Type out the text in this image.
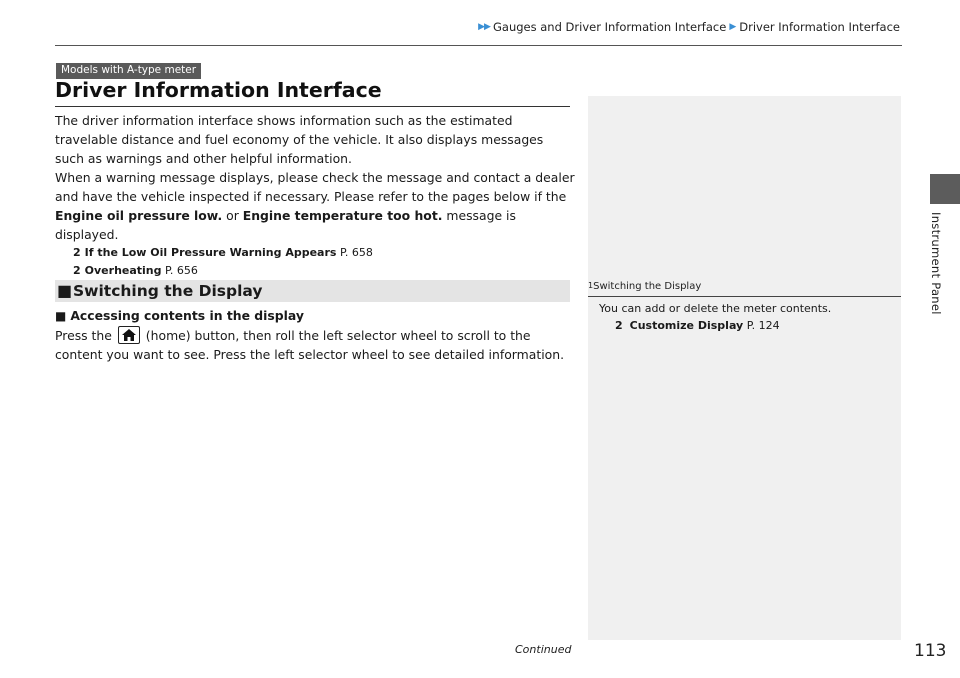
▶▶ Gauges and Driver Information Interface ▶ Driver Information Interface
Instrument Panel
Models with A-type meter
Driver Information Interface

The driver information interface shows information such as the estimated travelable distance and fuel economy of the vehicle. It also displays messages such as warnings and other helpful information.

When a warning message displays, please check the message and contact a dealer and have the vehicle inspected if necessary. Please refer to the pages below if the
Engine oil pressure low. or Engine temperature too hot. message is displayed.

2 If the Low Oil Pressure Warning Appears P. 658

2 Overheating P. 656

■ Switching the Display
■ Accessing contents in the display
Press the	(home) button, then roll the left selector wheel to scroll to the content you want to see. Press the left selector wheel to see detailed information.
1Switching the Display
You can add or delete the meter contents.
2 Customize Display P. 124
Continued	113
